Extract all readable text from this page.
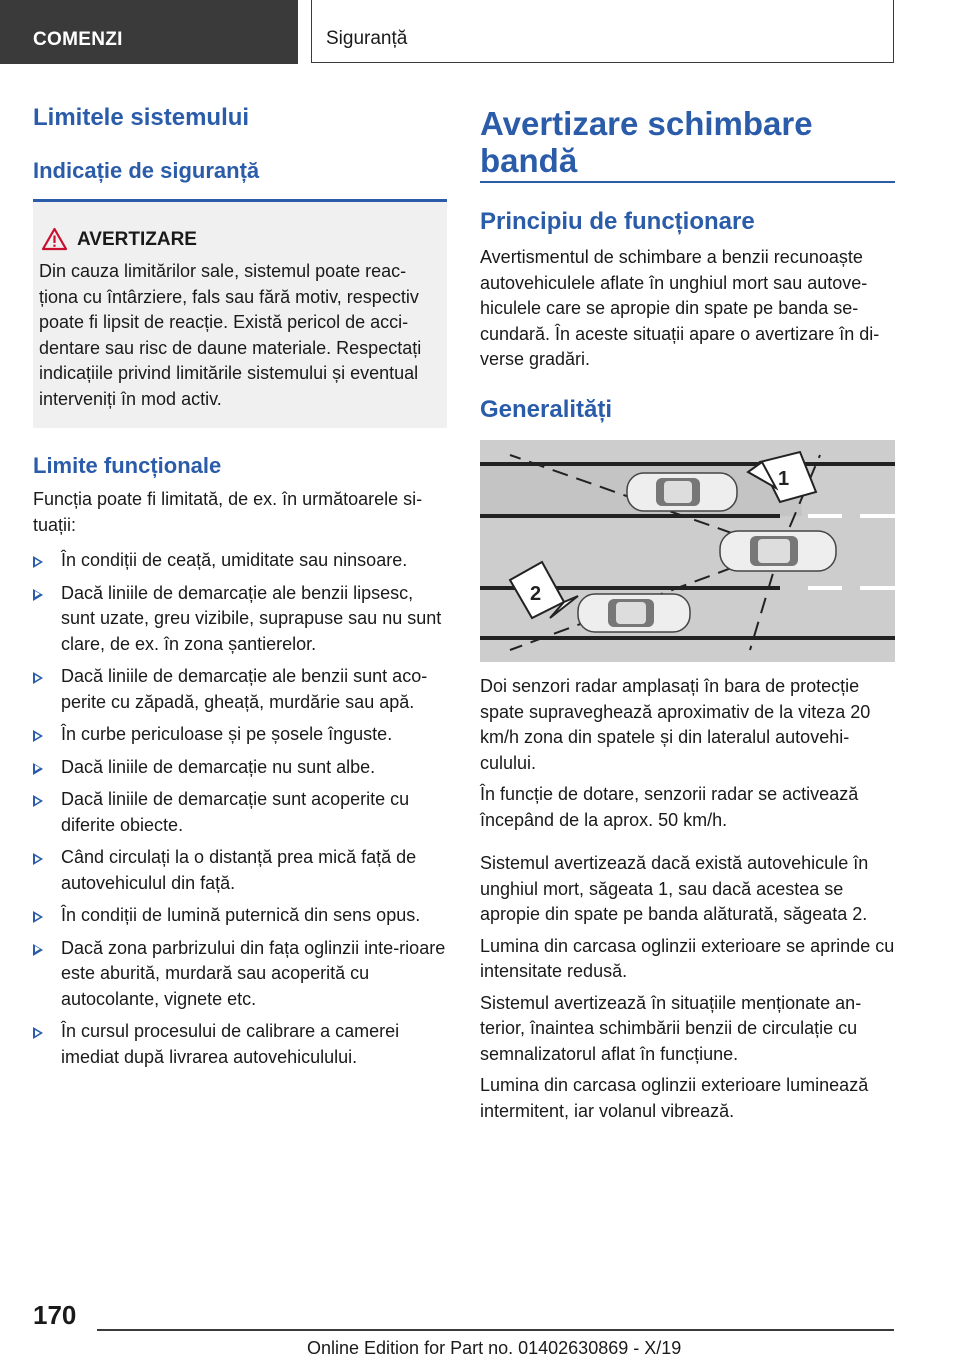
COMENZI	Siguranță
Limitele sistemului
Indicație de siguranță
AVERTIZARE
Din cauza limitărilor sale, sistemul poate reac‐ționa cu întârziere, fals sau fără motiv, respectiv poate fi lipsit de reacție. Există pericol de acci‐dentare sau risc de daune materiale. Respectați indicațiile privind limitările sistemului și eventual interveniți în mod activ.
Limite funcționale

Funcția poate fi limitată, de ex. în următoarele si‐tuații:

În condiții de ceață, umiditate sau ninsoare.
Dacă liniile de demarcație ale benzii lipsesc, sunt uzate, greu vizibile, suprapuse sau nu sunt clare, de ex. în zona șantierelor.
Dacă liniile de demarcație ale benzii sunt aco‐perite cu zăpadă, gheață, murdărie sau apă.
În curbe periculoase și pe șosele înguste.
Dacă liniile de demarcație nu sunt albe.
Dacă liniile de demarcație sunt acoperite cu diferite obiecte.
Când circulați la o distanță prea mică față de autovehiculul din față.
În condiții de lumină puternică din sens opus.
Dacă zona parbrizului din fața oglinzii inte‐rioare este aburită, murdară sau acoperită cu autocolante, vignete etc.
În cursul procesului de calibrare a camerei imediat după livrarea autovehiculului.
Avertizare schimbare
bandă
Principiu de funcționare

Avertismentul de schimbare a benzii recunoaște autovehiculele aflate în unghiul mort sau autove‐hiculele care se apropie din spate pe banda se‐cundară. În aceste situații apare o avertizare în di‐verse gradări.

Generalități
1
2

Doi senzori radar amplasați în bara de protecție spate supraveghează aproximativ de la viteza 20 km/h zona din spatele și din lateralul autovehi‐culului.

În funcție de dotare, senzorii radar se activează începând de la aprox. 50 km/h.

Sistemul avertizează dacă există autovehicule în unghiul mort, săgeata 1, sau dacă acestea se apropie din spate pe banda alăturată, săgeata 2.

Lumina din carcasa oglinzii exterioare se aprinde cu intensitate redusă.

Sistemul avertizează în situațiile menționate an‐terior, înaintea schimbării benzii de circulație cu semnalizatorul aflat în funcțiune.

Lumina din carcasa oglinzii exterioare luminează intermitent, iar volanul vibrează.

170
Online Edition for Part no. 01402630869 - X/19
